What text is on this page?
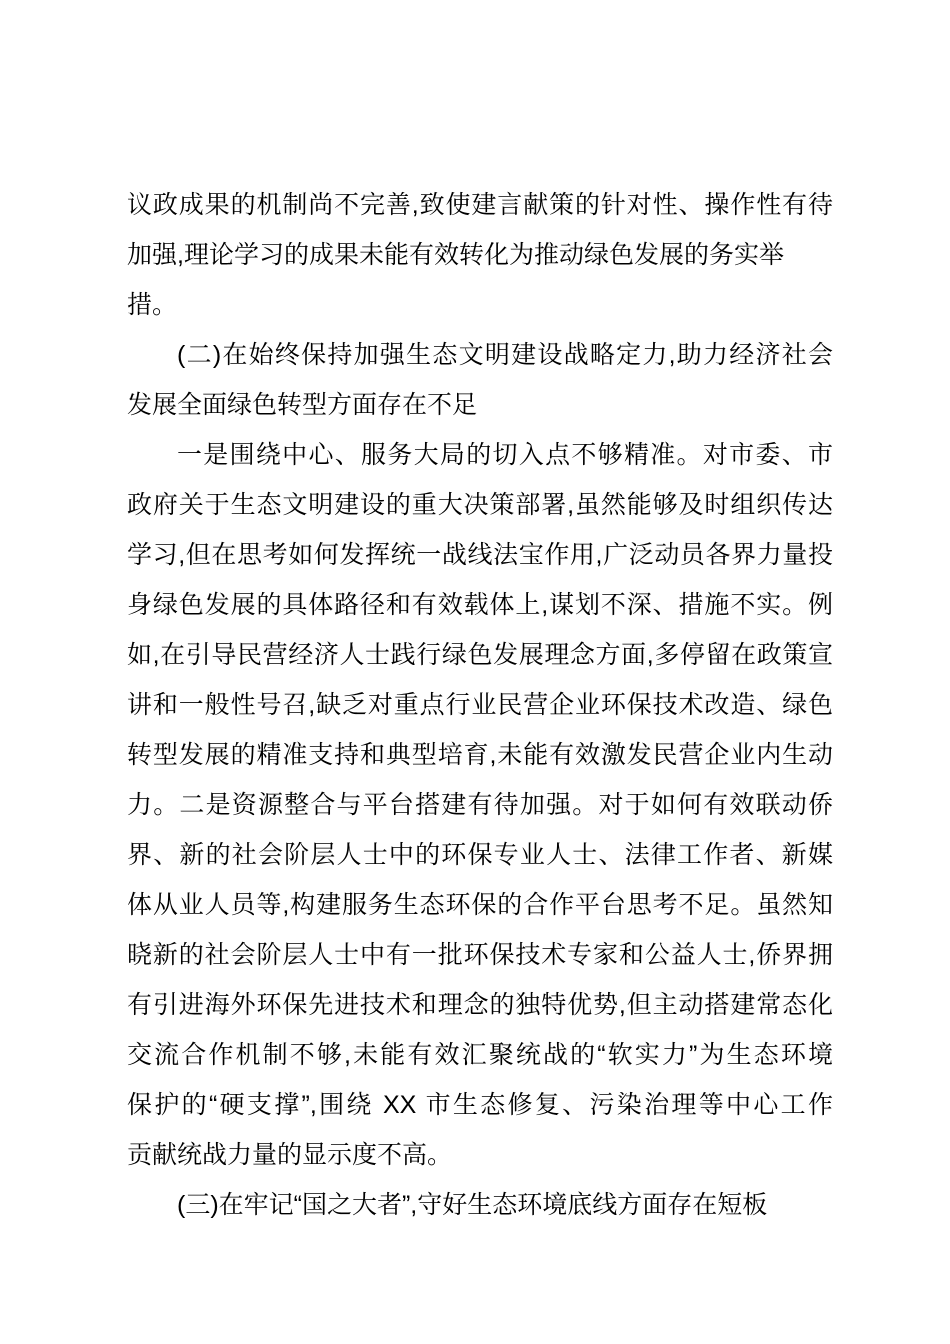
议政成果的机制尚不完善,致使建言献策的针对性、操作性有待
加强,理论学习的成果未能有效转化为推动绿色发展的务实举措。
(二)在始终保持加强生态文明建设战略定力,助力经济社会
发展全面绿色转型方面存在不足
一是围绕中心、服务大局的切入点不够精准。对市委、市
政府关于生态文明建设的重大决策部署,虽然能够及时组织传达
学习,但在思考如何发挥统一战线法宝作用,广泛动员各界力量投
身绿色发展的具体路径和有效载体上,谋划不深、措施不实。例
如,在引导民营经济人士践行绿色发展理念方面,多停留在政策宣
讲和一般性号召,缺乏对重点行业民营企业环保技术改造、绿色
转型发展的精准支持和典型培育,未能有效激发民营企业内生动
力。二是资源整合与平台搭建有待加强。对于如何有效联动侨
界、新的社会阶层人士中的环保专业人士、法律工作者、新媒
体从业人员等,构建服务生态环保的合作平台思考不足。虽然知
晓新的社会阶层人士中有一批环保技术专家和公益人士,侨界拥
有引进海外环保先进技术和理念的独特优势,但主动搭建常态化
交流合作机制不够,未能有效汇聚统战的“软实力”为生态环境
保护的“硬支撑”,围绕 XX 市生态修复、污染治理等中心工作
贡献统战力量的显示度不高。
(三)在牢记“国之大者”,守好生态环境底线方面存在短板
